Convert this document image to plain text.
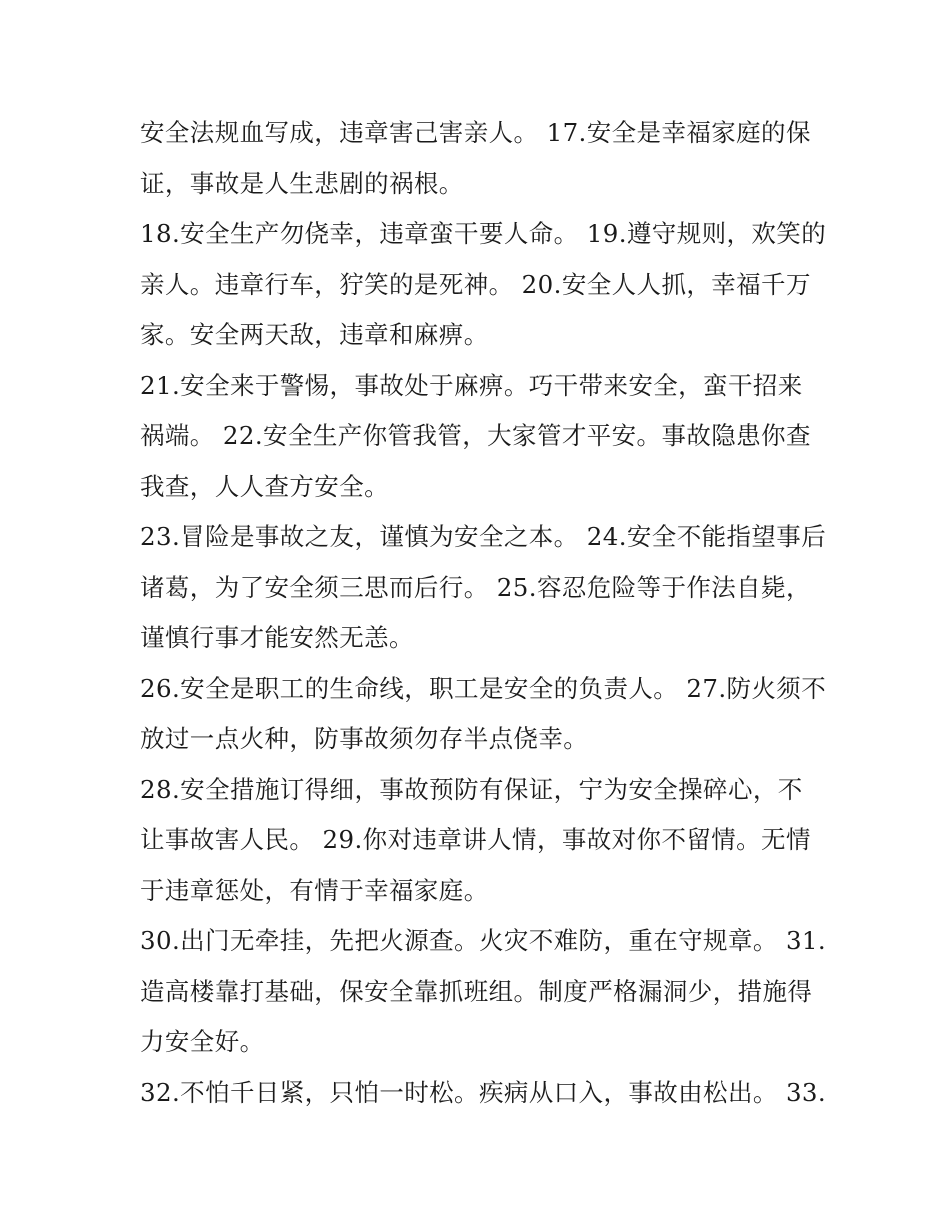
安全法规血写成，违章害己害亲人。 17.安全是幸福家庭的保
证，事故是人生悲剧的祸根。
18.安全生产勿侥幸，违章蛮干要人命。 19.遵守规则，欢笑的
亲人。违章行车，狞笑的是死神。 20.安全人人抓，幸福千万
家。安全两天敌，违章和麻痹。
21.安全来于警惕，事故处于麻痹。巧干带来安全，蛮干招来
祸端。 22.安全生产你管我管，大家管才平安。事故隐患你查
我查，人人查方安全。
23.冒险是事故之友，谨慎为安全之本。 24.安全不能指望事后
诸葛，为了安全须三思而后行。 25.容忍危险等于作法自毙，
谨慎行事才能安然无恙。
26.安全是职工的生命线，职工是安全的负责人。 27.防火须不
放过一点火种，防事故须勿存半点侥幸。
28.安全措施订得细，事故预防有保证，宁为安全操碎心，不
让事故害人民。 29.你对违章讲人情，事故对你不留情。无情
于违章惩处，有情于幸福家庭。
30.出门无牵挂，先把火源查。火灾不难防，重在守规章。 31.
造高楼靠打基础，保安全靠抓班组。制度严格漏洞少，措施得
力安全好。
32.不怕千日紧，只怕一时松。疾病从口入，事故由松出。 33.
